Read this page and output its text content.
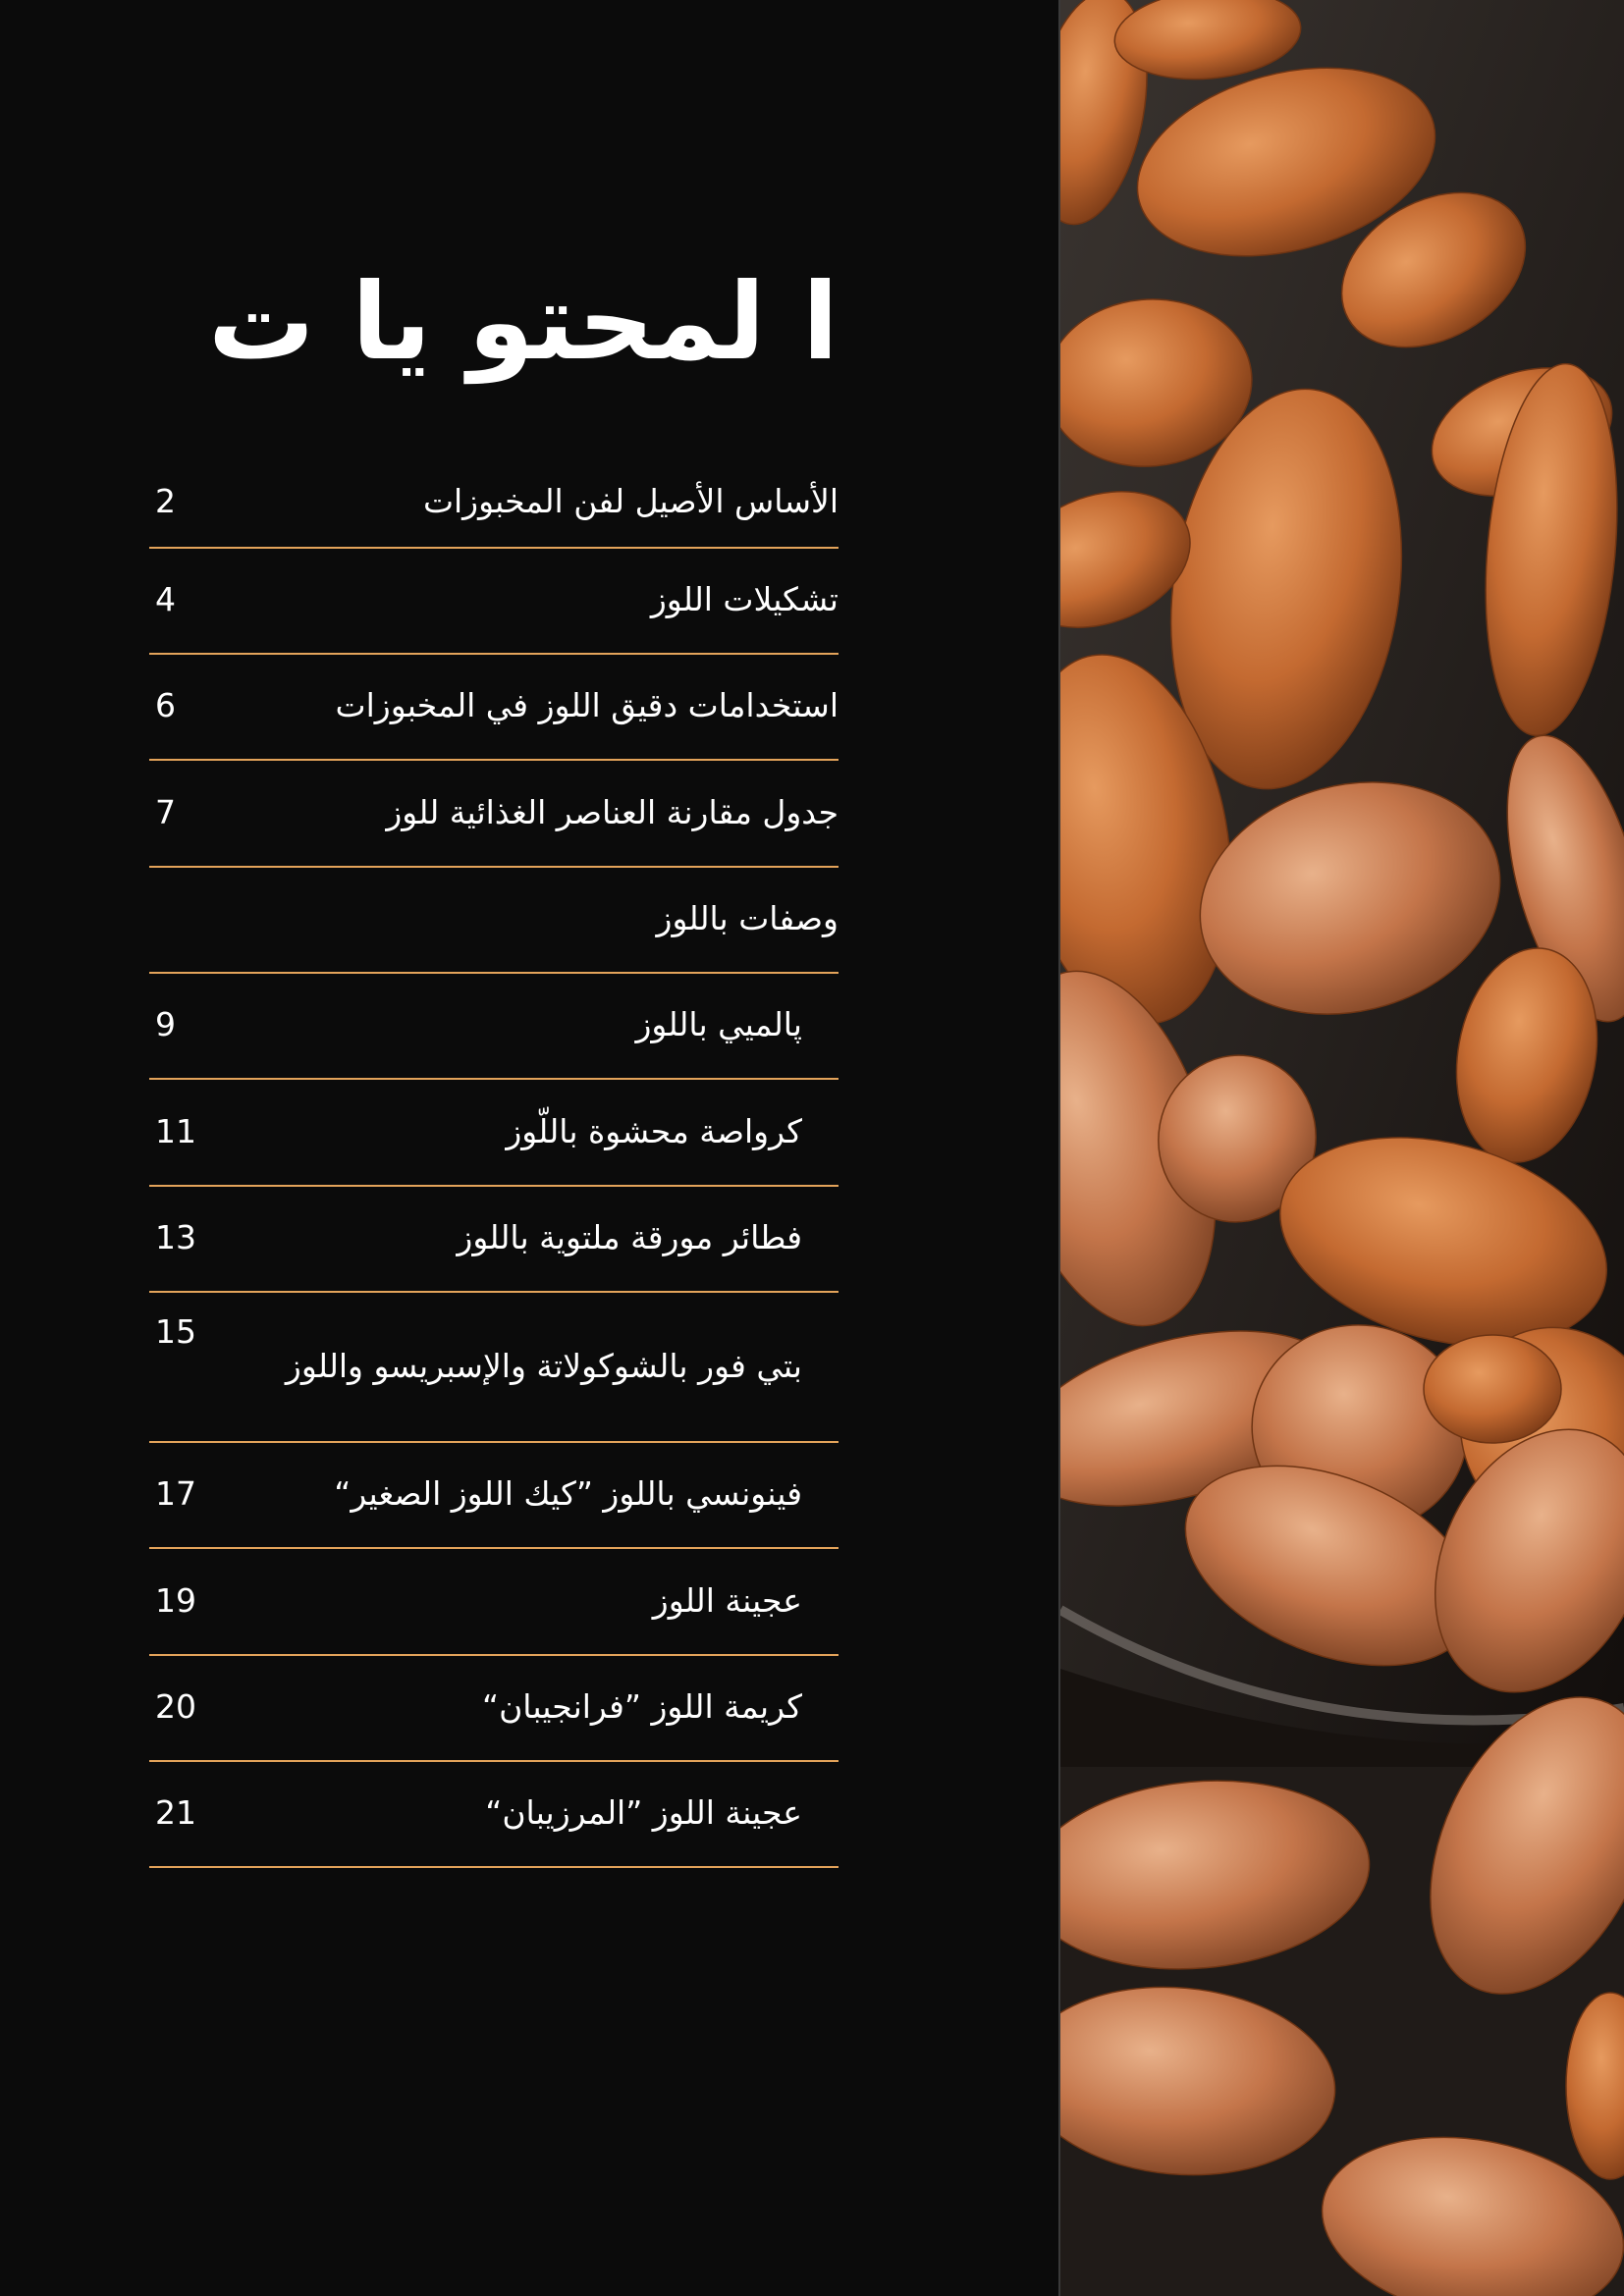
ا لمحتو يا ت
الأساس الأصيل لفن المخبوزات
2
تشكيلات اللوز
4
استخدامات دقيق اللوز في المخبوزات
6
جدول مقارنة العناصر الغذائية للوز
7
وصفات باللوز
پالميي باللوز
9
كرواصة محشوة باللّوز
11
فطائر مورقة ملتوية باللوز
13
بتي فور بالشوكولاتة والإسبريسو واللوز
15
فينونسي باللوز ”كيك اللوز الصغير“
17
عجينة اللوز
19
كريمة اللوز ”فرانجيبان“
20
عجينة اللوز ”المرزيبان“
21
